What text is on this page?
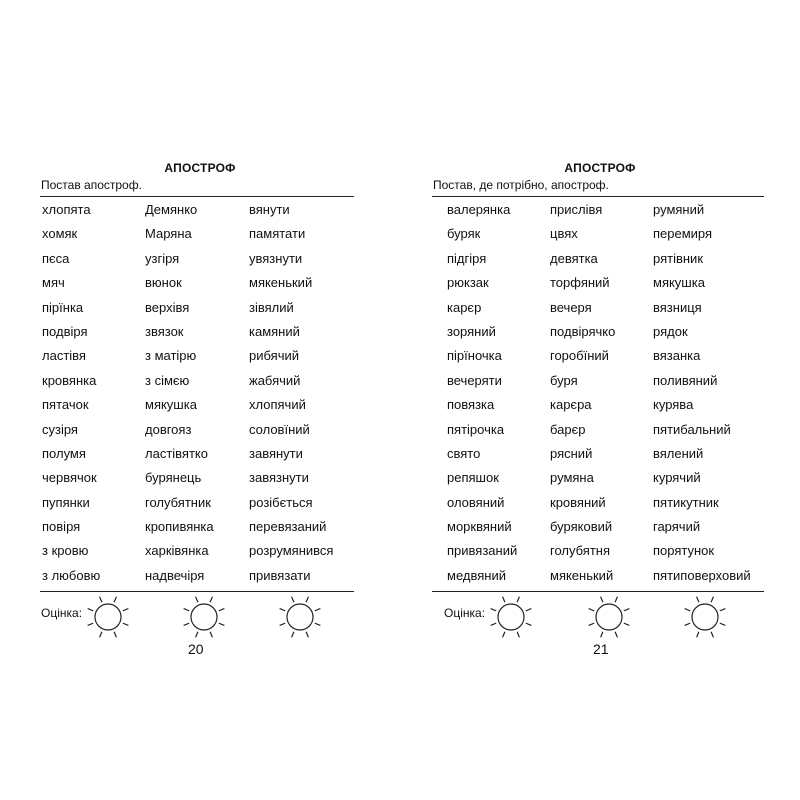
АПОСТРОФ
Постав апостроф.
хлопята
хомяк
пєса
мяч
пірїнка
подвіря
ластівя
кровянка
пятачок
сузіря
полумя
червячок
пупянки
повіря
з кровю
з любовю
Демянко
Маряна
узгіря
вюнок
верхівя
звязок
з матірю
з сімєю
мякушка
довгояз
ластівятко
бурянець
голубятник
кропивянка
харківянка
надвечіря
вянути
памятати
увязнути
мякенький
зівялий
камяний
рибячий
жабячий
хлопячий
соловїний
завянути
завязнути
розібється
перевязаний
розрумянився
привязати
Оцінка:
20
АПОСТРОФ
Постав, де потрібно, апостроф.
валерянка
буряк
підгіря
рюкзак
карєр
зоряний
пірїночка
вечеряти
повязка
пятірочка
свято
репяшок
оловяний
морквяний
привязаний
медвяний
прислівя
цвях
девятка
торфяний
вечеря
подвірячко
горобїний
буря
карєра
барєр
рясний
румяна
кровяний
буряковий
голубятня
мякенький
румяний
перемиря
рятівник
мякушка
вязниця
рядок
вязанка
поливяний
курява
пятибальний
вялений
курячий
пятикутник
гарячий
порятунок
пятиповерховий
Оцінка:
21
